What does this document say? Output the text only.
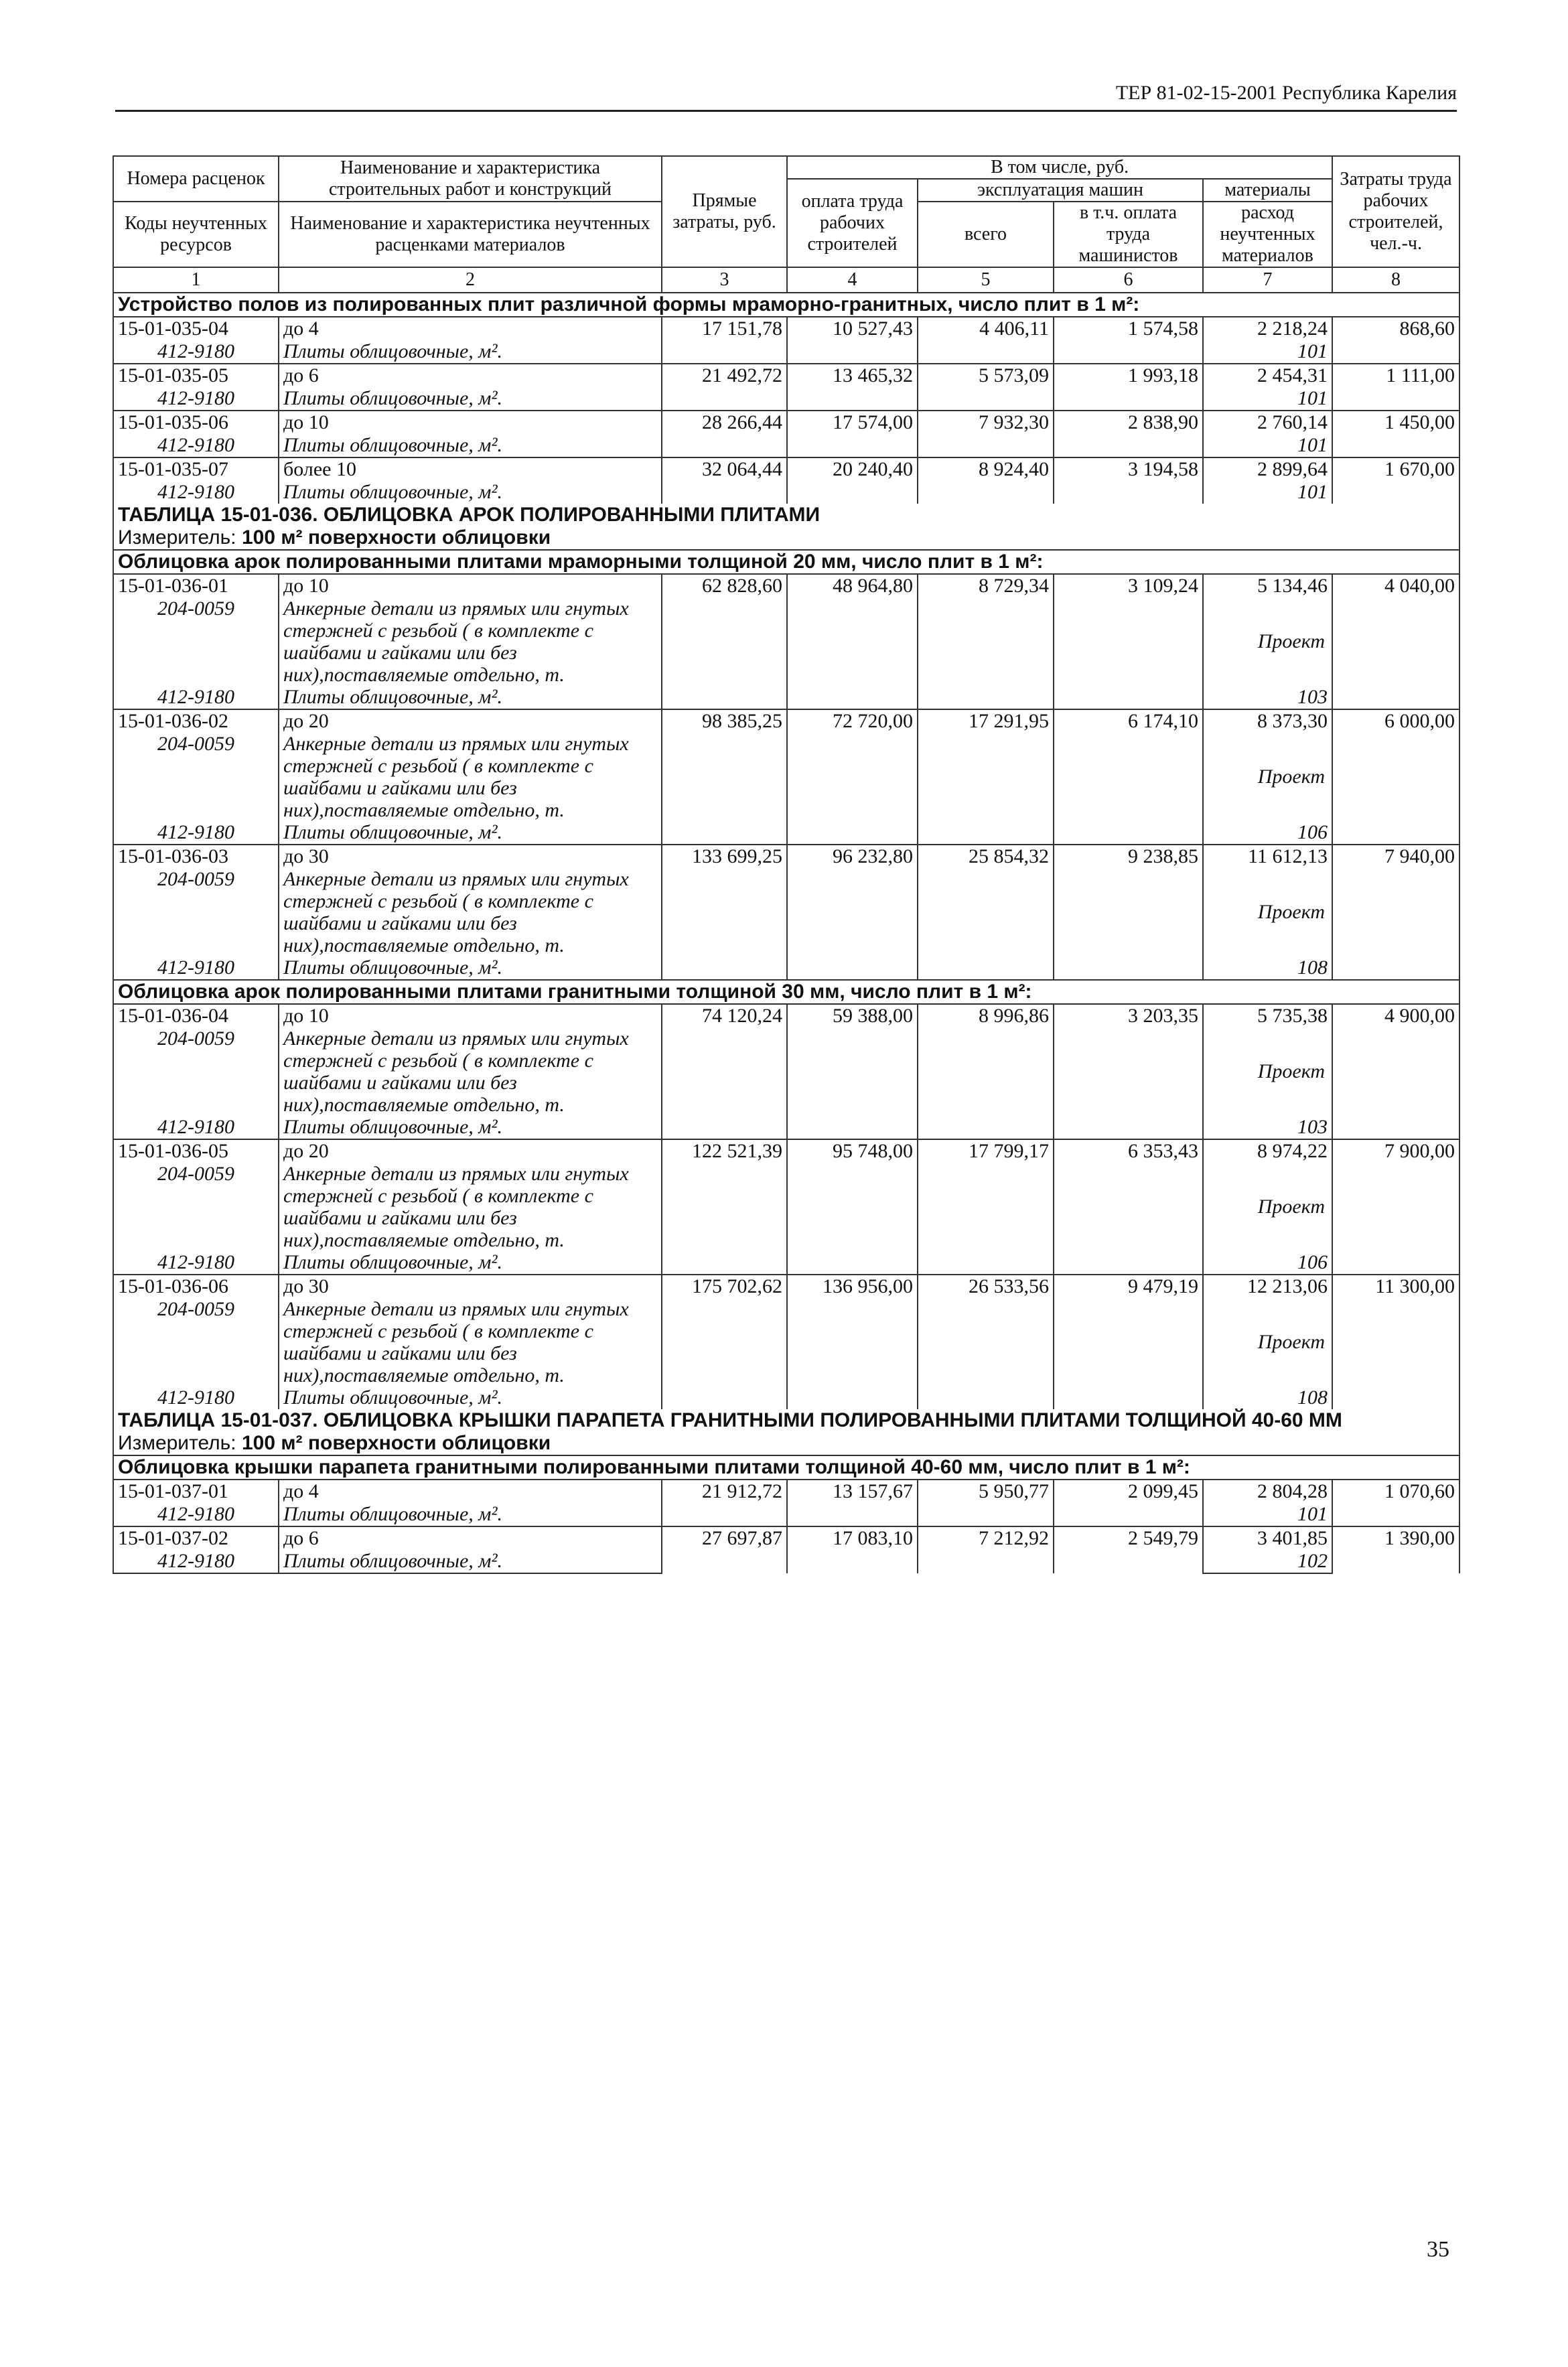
ТЕР 81-02-15-2001 Республика Карелия
Номера расценок	Наименование и характеристика строительных работ и конструкций	Прямые затраты, руб.	В том числе, руб.				Затраты труда рабочих строителей, чел.-ч.
			оплата труда рабочих строителей	эксплуатация машин		материалы	
Коды неучтенных ресурсов	Наименование и характеристика неучтенных расценками материалов			всего	в т.ч. оплата труда машинистов	расход неучтенных материалов	

1	2	3	4	5	6	7	8
Устройство полов из полированных плит различной формы мраморно-гранитных, число плит в 1 м²:							
15-01-035-04	до 4	17 151,78	10 527,43	4 406,11	1 574,58	2 218,24	868,60
412-9180	Плиты облицовочные, м².					101	
15-01-035-05	до 6	21 492,72	13 465,32	5 573,09	1 993,18	2 454,31	1 111,00
412-9180	Плиты облицовочные, м².					101	
15-01-035-06	до 10	28 266,44	17 574,00	7 932,30	2 838,90	2 760,14	1 450,00
412-9180	Плиты облицовочные, м².					101	
15-01-035-07	более 10	32 064,44	20 240,40	8 924,40	3 194,58	2 899,64	1 670,00
412-9180	Плиты облицовочные, м².					101	
ТАБЛИЦА 15-01-036. ОБЛИЦОВКА АРОК ПОЛИРОВАННЫМИ ПЛИТАМИ							
Измеритель: 100 м² поверхности облицовки							
Облицовка арок полированными плитами мраморными толщиной 20 мм, число плит в 1 м²:							
15-01-036-01	до 10	62 828,60	48 964,80	8 729,34	3 109,24	5 134,46	4 040,00
204-0059	Анкерные детали из прямых или гнутых стержней с резьбой ( в комплекте с шайбами и гайками или без них),поставляемые отдельно, т.					Проект	
412-9180	Плиты облицовочные, м².					103	
15-01-036-02	до 20	98 385,25	72 720,00	17 291,95	6 174,10	8 373,30	6 000,00
204-0059	Анкерные детали из прямых или гнутых стержней с резьбой ( в комплекте с шайбами и гайками или без них),поставляемые отдельно, т.					Проект	
412-9180	Плиты облицовочные, м².					106	
15-01-036-03	до 30	133 699,25	96 232,80	25 854,32	9 238,85	11 612,13	7 940,00
204-0059	Анкерные детали из прямых или гнутых стержней с резьбой ( в комплекте с шайбами и гайками или без них),поставляемые отдельно, т.					Проект	
412-9180	Плиты облицовочные, м².					108	
Облицовка арок полированными плитами гранитными толщиной 30 мм, число плит в 1 м²:							
15-01-036-04	до 10	74 120,24	59 388,00	8 996,86	3 203,35	5 735,38	4 900,00
204-0059	Анкерные детали из прямых или гнутых стержней с резьбой ( в комплекте с шайбами и гайками или без них),поставляемые отдельно, т.					Проект	
412-9180	Плиты облицовочные, м².					103	
15-01-036-05	до 20	122 521,39	95 748,00	17 799,17	6 353,43	8 974,22	7 900,00
204-0059	Анкерные детали из прямых или гнутых стержней с резьбой ( в комплекте с шайбами и гайками или без них),поставляемые отдельно, т.					Проект	
412-9180	Плиты облицовочные, м².					106	
15-01-036-06	до 30	175 702,62	136 956,00	26 533,56	9 479,19	12 213,06	11 300,00
204-0059	Анкерные детали из прямых или гнутых стержней с резьбой ( в комплекте с шайбами и гайками или без них),поставляемые отдельно, т.					Проект	
412-9180	Плиты облицовочные, м².					108	
ТАБЛИЦА 15-01-037. ОБЛИЦОВКА КРЫШКИ ПАРАПЕТА ГРАНИТНЫМИ ПОЛИРОВАННЫМИ ПЛИТАМИ ТОЛЩИНОЙ 40-60 ММ							
Измеритель: 100 м² поверхности облицовки							
Облицовка крышки парапета гранитными полированными плитами толщиной 40-60 мм, число плит в 1 м²:							
15-01-037-01	до 4	21 912,72	13 157,67	5 950,77	2 099,45	2 804,28	1 070,60
412-9180	Плиты облицовочные, м².					101	
15-01-037-02	до 6	27 697,87	17 083,10	7 212,92	2 549,79	3 401,85	1 390,00
412-9180	Плиты облицовочные, м².					102	
35
